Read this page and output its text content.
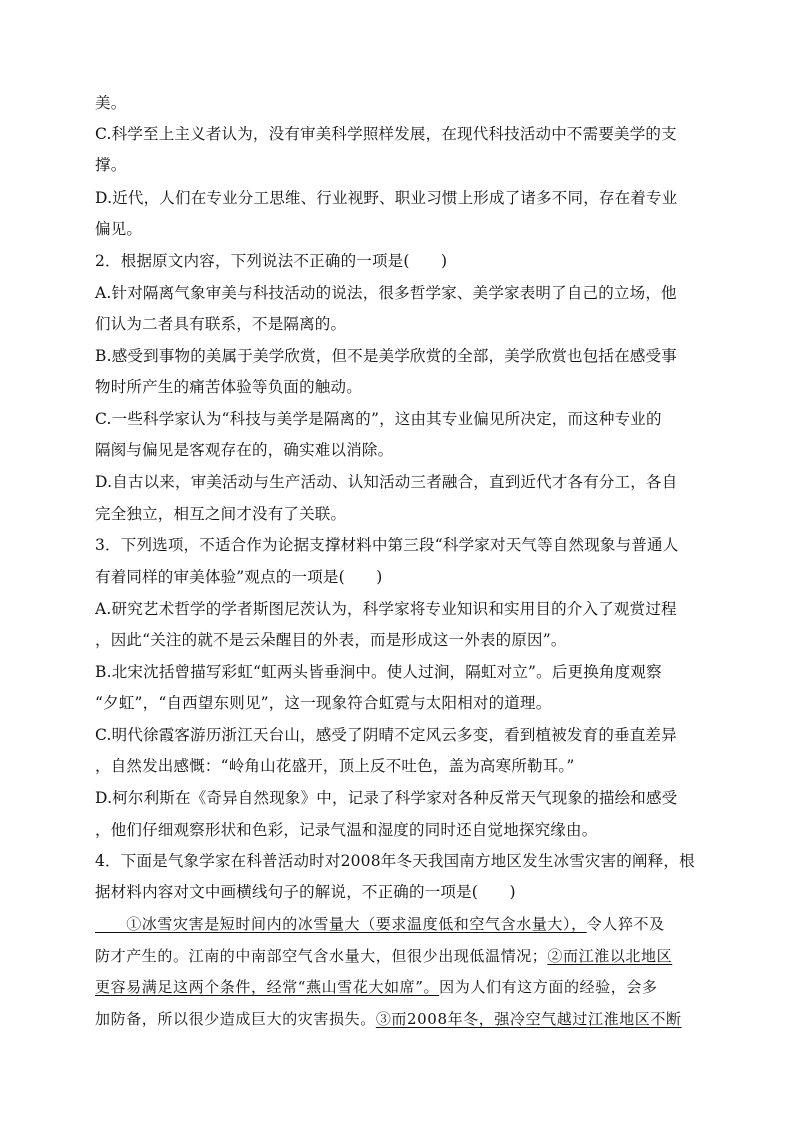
美。
C.科学至上主义者认为，没有审美科学照样发展，在现代科技活动中不需要美学的支
撑。
D.近代，人们在专业分工思维、行业视野、职业习惯上形成了诸多不同，存在着专业
偏见。
2．根据原文内容，下列说法不正确的一项是(　　)
A.针对隔离气象审美与科技活动的说法，很多哲学家、美学家表明了自己的立场，他
们认为二者具有联系，不是隔离的。
B.感受到事物的美属于美学欣赏，但不是美学欣赏的全部，美学欣赏也包括在感受事
物时所产生的痛苦体验等负面的触动。
C.一些科学家认为“科技与美学是隔离的”，这由其专业偏见所决定，而这种专业的
隔阂与偏见是客观存在的，确实难以消除。
D.自古以来，审美活动与生产活动、认知活动三者融合，直到近代才各有分工，各自
完全独立，相互之间才没有了关联。
3．下列选项，不适合作为论据支撑材料中第三段“科学家对天气等自然现象与普通人
有着同样的审美体验”观点的一项是(　　)
A.研究艺术哲学的学者斯图尼茨认为，科学家将专业知识和实用目的介入了观赏过程
，因此“关注的就不是云朵醒目的外表，而是形成这一外表的原因”。
B.北宋沈括曾描写彩虹“虹两头皆垂涧中。使人过涧，隔虹对立”。后更换角度观察
“夕虹”，“自西望东则见”，这一现象符合虹霓与太阳相对的道理。
C.明代徐霞客游历浙江天台山，感受了阴晴不定风云多变，看到植被发育的垂直差异
，自然发出感慨：“岭角山花盛开，顶上反不吐色，盖为高寒所勒耳。”
D.柯尔利斯在《奇异自然现象》中，记录了科学家对各种反常天气现象的描绘和感受
，他们仔细观察形状和色彩，记录气温和湿度的同时还自觉地探究缘由。
4．下面是气象学家在科普活动时对2008年冬天我国南方地区发生冰雪灾害的阐释，根
据材料内容对文中画横线句子的解说，不正确的一项是(　　)
　　①冰雪灾害是短时间内的冰雪量大（要求温度低和空气含水量大），令人猝不及
防才产生的。江南的中南部空气含水量大，但很少出现低温情况；②而江淮以北地区
更容易满足这两个条件，经常“燕山雪花大如席”。因为人们有这方面的经验，会多
加防备，所以很少造成巨大的灾害损失。③而2008年冬，强冷空气越过江淮地区不断
